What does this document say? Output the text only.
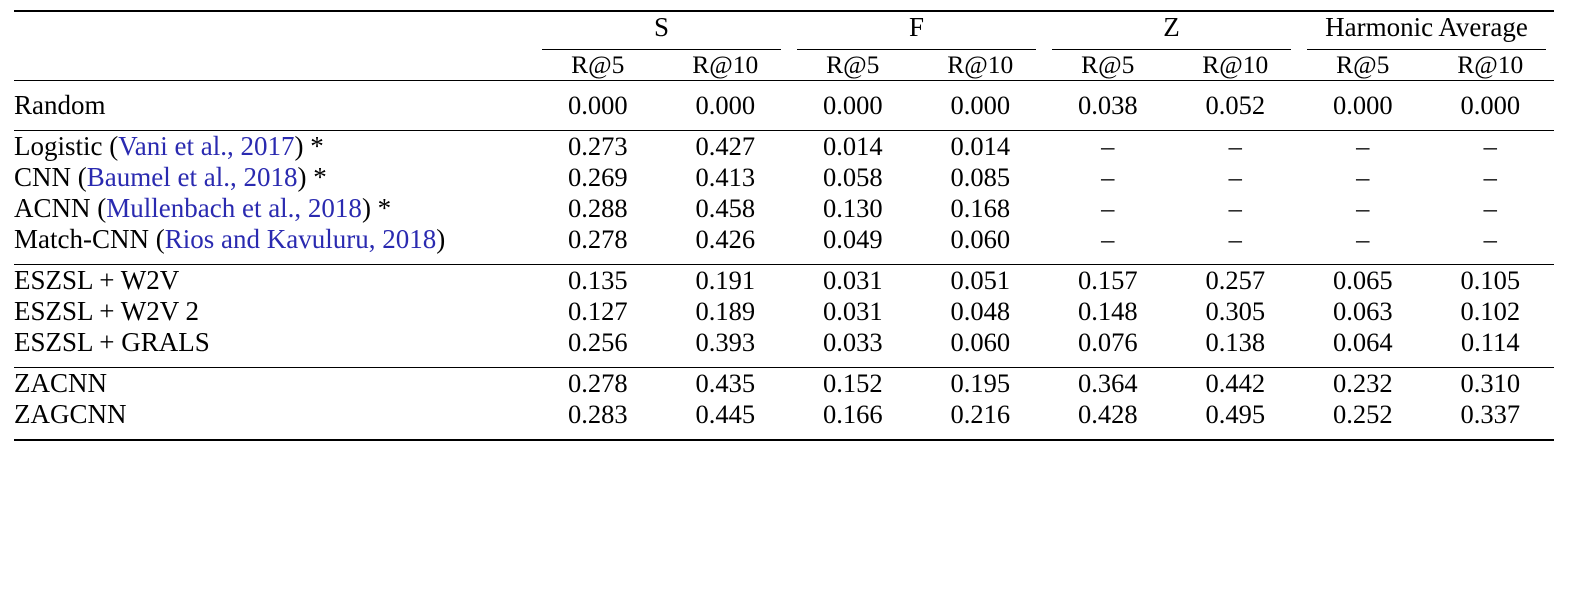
	S		F		Z		Harmonic Average	

	R@5	R@10	R@5	R@10	R@5	R@10	R@5	R@10

Random	0.000	0.000	0.000	0.000	0.038	0.052	0.000	0.000

Logistic (Vani et al., 2017) *	0.273	0.427	0.014	0.014	–	–	–	–
CNN (Baumel et al., 2018) *	0.269	0.413	0.058	0.085	–	–	–	–
ACNN (Mullenbach et al., 2018) *	0.288	0.458	0.130	0.168	–	–	–	–
Match-CNN (Rios and Kavuluru, 2018)	0.278	0.426	0.049	0.060	–	–	–	–

ESZSL + W2V	0.135	0.191	0.031	0.051	0.157	0.257	0.065	0.105
ESZSL + W2V 2	0.127	0.189	0.031	0.048	0.148	0.305	0.063	0.102
ESZSL + GRALS	0.256	0.393	0.033	0.060	0.076	0.138	0.064	0.114

ZACNN	0.278	0.435	0.152	0.195	0.364	0.442	0.232	0.310
ZAGCNN	0.283	0.445	0.166	0.216	0.428	0.495	0.252	0.337
